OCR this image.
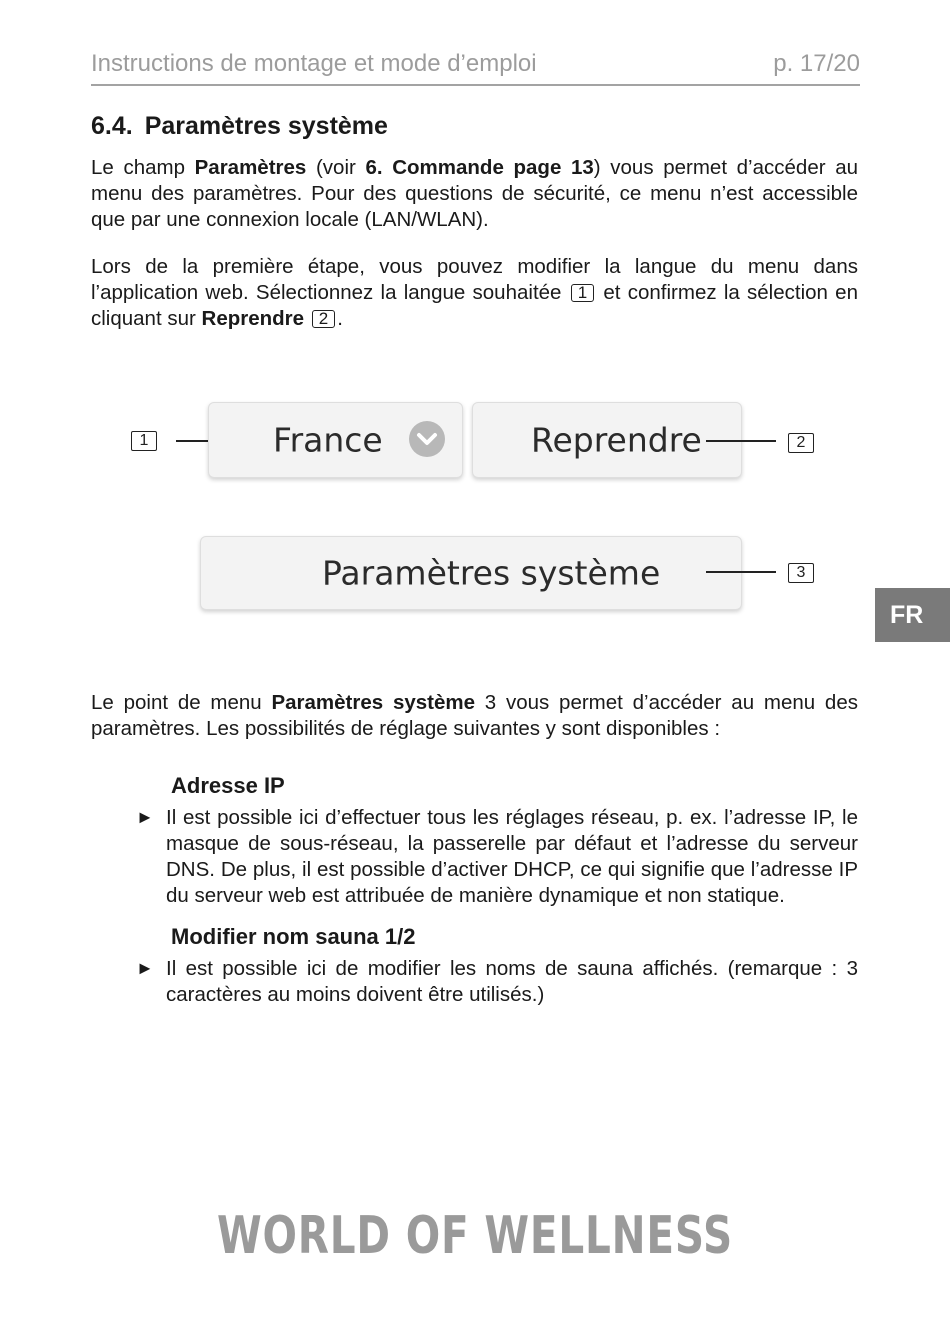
Instructions de montage et mode d’emploi	p. 17/20
6.4. Paramètres système
Le champ Paramètres (voir 6. Commande page 13) vous permet d’accéder au menu des paramètres. Pour des questions de sécurité, ce menu n’est accessible que par une connexion locale (LAN/WLAN).
Lors de la première étape, vous pouvez modifier la langue du menu dans l’application web. Sélectionnez la langue souhaitée 1 et confirmez la sélection en cliquant sur Reprendre 2 .
1	France	Reprendre	2
Paramètres système	3
FR
Le point de menu Paramètres système 3 vous permet d’accéder au menu des paramètres. Les possibilités de réglage suivantes y sont disponibles :
Adresse IP
► Il est possible ici d’effectuer tous les réglages réseau, p. ex. l’adresse IP, le masque de sous-réseau, la passerelle par défaut et l’adresse du serveur DNS. De plus, il est possible d’activer DHCP, ce qui signifie que l’adresse IP du serveur web est attribuée de manière dynamique et non statique.
Modifier nom sauna 1/2
► Il est possible ici de modifier les noms de sauna affichés. (remarque : 3 caractères au moins doivent être utilisés.)
WORLD OF WELLNESS
